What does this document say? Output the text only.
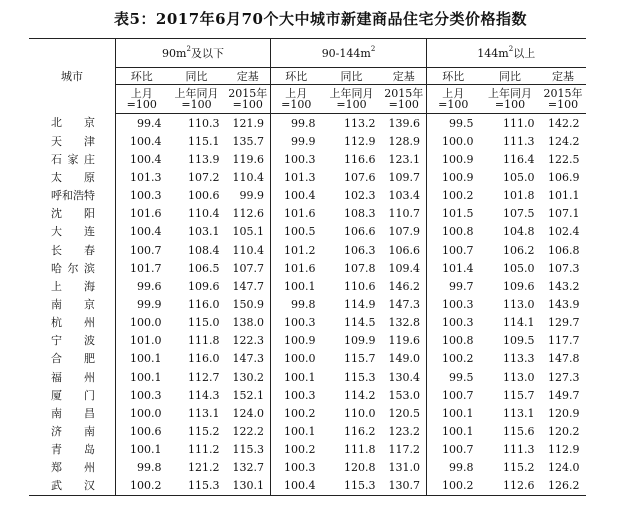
表5：2017年6月70个大中城市新建商品住宅分类价格指数
城市	$90m^2$及以下			$90-144m^2$			$144m^2$以上		
	环比	同比	定基	环比	同比	定基	环比	同比	定基
	上月	上年同月	2015年	上月	上年同月	2015年	上月	上年同月	2015年
	=100	=100	=100	=100	=100	=100	=100	=100	=100
北京	99.4	110.3	121.9	99.8	113.2	139.6	99.5	111.0	142.2
天津	100.4	115.1	135.7	99.9	112.9	128.9	100.0	111.3	124.2
石家庄	100.4	113.9	119.6	100.3	116.6	123.1	100.9	116.4	122.5
太原	101.3	107.2	110.4	101.3	107.6	109.7	100.9	105.0	106.9
呼和浩特	100.3	100.6	99.9	100.4	102.3	103.4	100.2	101.8	101.1
沈阳	101.6	110.4	112.6	101.6	108.3	110.7	101.5	107.5	107.1
大连	100.4	103.1	105.1	100.5	106.6	107.9	100.8	104.8	102.4
长春	100.7	108.4	110.4	101.2	106.3	106.6	100.7	106.2	106.8
哈尔滨	101.7	106.5	107.7	101.6	107.8	109.4	101.4	105.0	107.3
上海	99.6	109.6	147.7	100.1	110.6	146.2	99.7	109.6	143.2
南京	99.9	116.0	150.9	99.8	114.9	147.3	100.3	113.0	143.9
杭州	100.0	115.0	138.0	100.3	114.5	132.8	100.3	114.1	129.7
宁波	101.0	111.8	122.3	100.9	109.9	119.6	100.8	109.5	117.7
合肥	100.1	116.0	147.3	100.0	115.7	149.0	100.2	113.3	147.8
福州	100.1	112.7	130.2	100.1	115.3	130.4	99.5	113.0	127.3
厦门	100.3	114.3	152.1	100.3	114.2	153.0	100.7	115.7	149.7
南昌	100.0	113.1	124.0	100.2	110.0	120.5	100.1	113.1	120.9
济南	100.6	115.2	122.2	100.1	116.2	123.2	100.1	115.6	120.2
青岛	100.1	111.2	115.3	100.2	111.8	117.2	100.7	111.3	112.9
郑州	99.8	121.2	132.7	100.3	120.8	131.0	99.8	115.2	124.0
武汉	100.2	115.3	130.1	100.4	115.3	130.7	100.2	112.6	126.2
